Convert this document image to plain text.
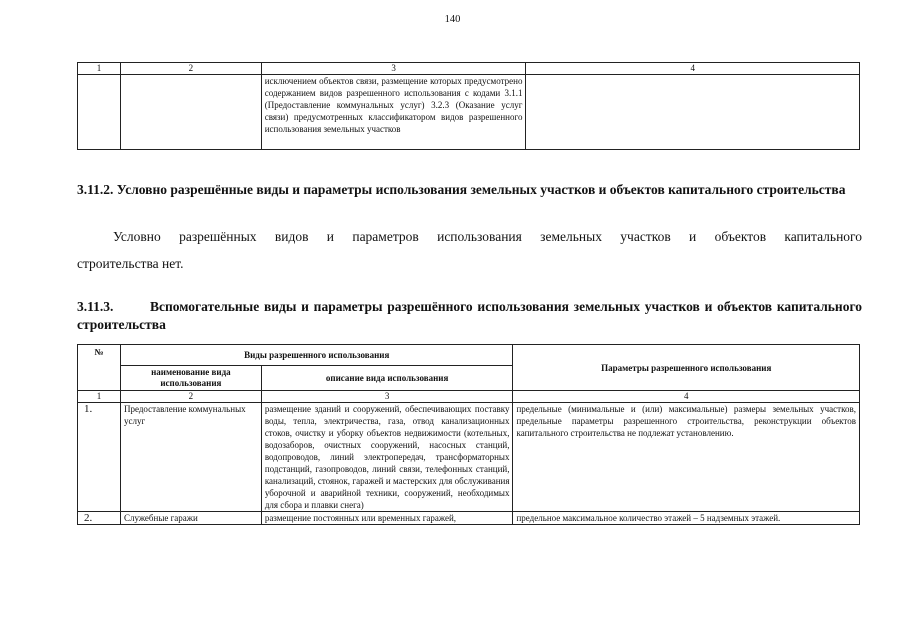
140
1	2	3	4
		исключением объектов связи, размещение которых предусмотрено содержанием видов разрешенного использования с кодами 3.1.1 (Предоставление коммунальных услуг) 3.2.3 (Оказание услуг связи) предусмотренных классификатором видов разрешенного использования земельных участков	
3.11.2. Условно разрешённые виды и параметры использования земельных участков и объектов капитального строительства
Условно разрешённых видов и параметров использования земельных участков и объектов капитального
строительства нет.
3.11.3.	Вспомогательные виды и параметры разрешённого использования земельных участков и объектов капитального строительства
№	Виды разрешенного использования		Параметры разрешенного использования
	наименование вида использования	описание вида использования	
1	2	3	4
1.	Предоставление коммунальных услуг	размещение зданий и сооружений, обеспечивающих поставку воды, тепла, электричества, газа, отвод канализационных стоков, очистку и уборку объектов недвижимости (котельных, водозаборов, очистных сооружений, насосных станций, водопроводов, линий электропередач, трансформаторных подстанций, газопроводов, линий связи, телефонных станций, канализаций, стоянок, гаражей и мастерских для обслуживания уборочной и аварийной техники, сооружений, необходимых для сбора и плавки снега)	предельные (минимальные и (или) максимальные) размеры земельных участков, предельные параметры разрешенного строительства, реконструкции объектов капитального строительства не подлежат установлению.
2.	Служебные гаражи	размещение постоянных или временных гаражей,	предельное максимальное количество этажей – 5 надземных этажей.
